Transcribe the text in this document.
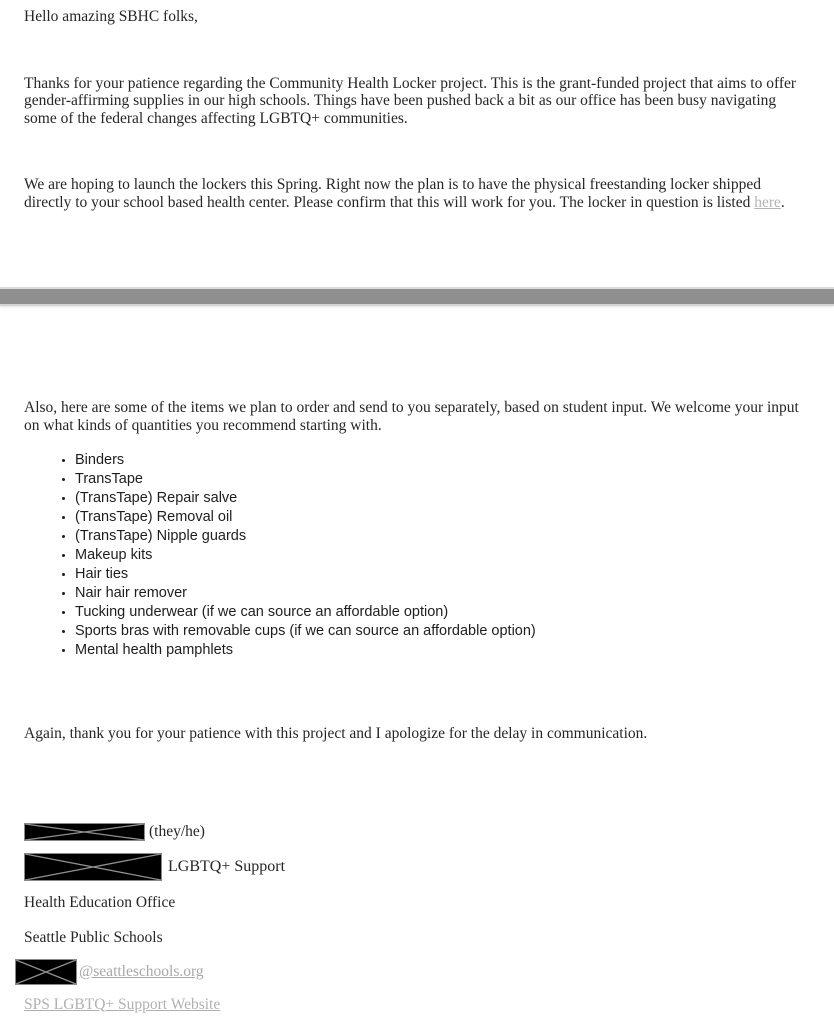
Hello amazing SBHC folks,

Thanks for your patience regarding the Community Health Locker project. This is the grant-funded project that aims to offer gender-affirming supplies in our high schools. Things have been pushed back a bit as our office has been busy navigating some of the federal changes affecting LGBTQ+ communities.

We are hoping to launch the lockers this Spring. Right now the plan is to have the physical freestanding locker shipped directly to your school based health center. Please confirm that this will work for you. The locker in question is listed here.

Also, here are some of the items we plan to order and send to you separately, based on student input. We welcome your input on what kinds of quantities you recommend starting with.

• Binders
• TransTape
• (TransTape) Repair salve
• (TransTape) Removal oil
• (TransTape) Nipple guards
• Makeup kits
• Hair ties
• Nair hair remover
• Tucking underwear (if we can source an affordable option)
• Sports bras with removable cups (if we can source an affordable option)
• Mental health pamphlets

Again, thank you for your patience with this project and I apologize for the delay in communication.

(they/he)
LGBTQ+ Support
Health Education Office
Seattle Public Schools
@seattleschools.org
SPS LGBTQ+ Support Website
